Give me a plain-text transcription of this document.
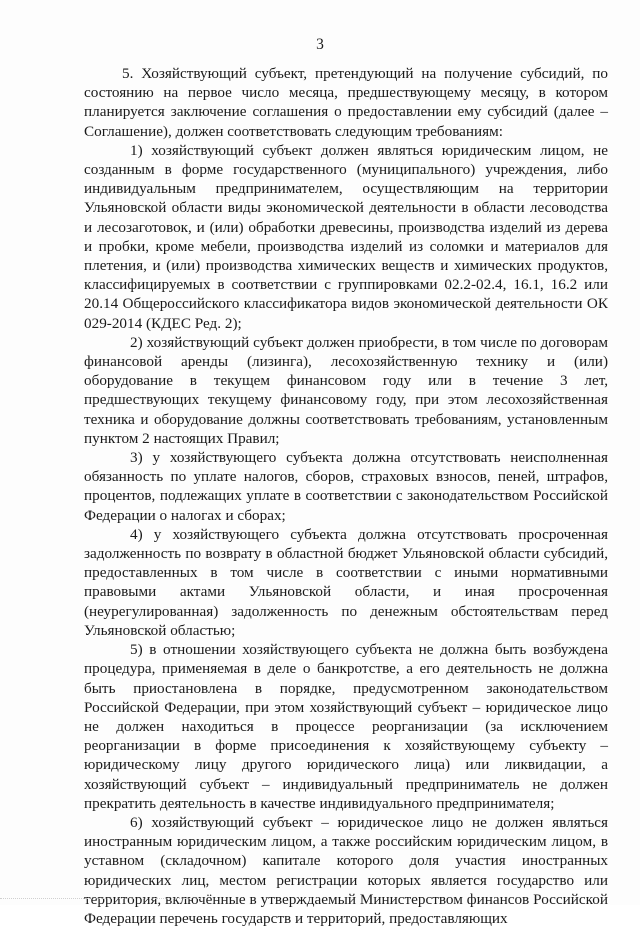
3

5. Хозяйствующий субъект, претендующий на получение субсидий, по состоянию на первое число месяца, предшествующему месяцу, в котором планируется заключение соглашения о предоставлении ему субсидий (далее – Соглашение), должен соответствовать следующим требованиям:

1) хозяйствующий субъект должен являться юридическим лицом, не созданным в форме государственного (муниципального) учреждения, либо индивидуальным предпринимателем, осуществляющим на территории Ульяновской области виды экономической деятельности в области лесоводства и лесозаготовок, и (или) обработки древесины, производства изделий из дерева и пробки, кроме мебели, производства изделий из соломки и материалов для плетения, и (или) производства химических веществ и химических продуктов, классифицируемых в соответствии с группировками 02.2-02.4, 16.1, 16.2 или 20.14 Общероссийского классификатора видов экономической деятельности ОК 029-2014 (КДЕС Ред. 2);

2) хозяйствующий субъект должен приобрести, в том числе по договорам финансовой аренды (лизинга), лесохозяйственную технику и (или) оборудование в текущем финансовом году или в течение 3 лет, предшествующих текущему финансовому году, при этом лесохозяйственная техника и оборудование должны соответствовать требованиям, установленным пунктом 2 настоящих Правил;

3) у хозяйствующего субъекта должна отсутствовать неисполненная обязанность по уплате налогов, сборов, страховых взносов, пеней, штрафов, процентов, подлежащих уплате в соответствии с законодательством Российской Федерации о налогах и сборах;

4) у хозяйствующего субъекта должна отсутствовать просроченная задолженность по возврату в областной бюджет Ульяновской области субсидий, предоставленных в том числе в соответствии с иными нормативными правовыми актами Ульяновской области, и иная просроченная (неурегулированная) задолженность по денежным обстоятельствам перед Ульяновской областью;

5) в отношении хозяйствующего субъекта не должна быть возбуждена процедура, применяемая в деле о банкротстве, а его деятельность не должна быть приостановлена в порядке, предусмотренном законодательством Российской Федерации, при этом хозяйствующий субъект – юридическое лицо не должен находиться в процессе реорганизации (за исключением реорганизации в форме присоединения к хозяйствующему субъекту – юридическому лицу другого юридического лица) или ликвидации, а хозяйствующий субъект – индивидуальный предприниматель не должен прекратить деятельность в качестве индивидуального предпринимателя;

6) хозяйствующий субъект – юридическое лицо не должен являться иностранным юридическим лицом, а также российским юридическим лицом, в уставном (складочном) капитале которого доля участия иностранных юридических лиц, местом регистрации которых является государство или территория, включённые в утверждаемый Министерством финансов Российской Федерации перечень государств и территорий, предоставляющих
